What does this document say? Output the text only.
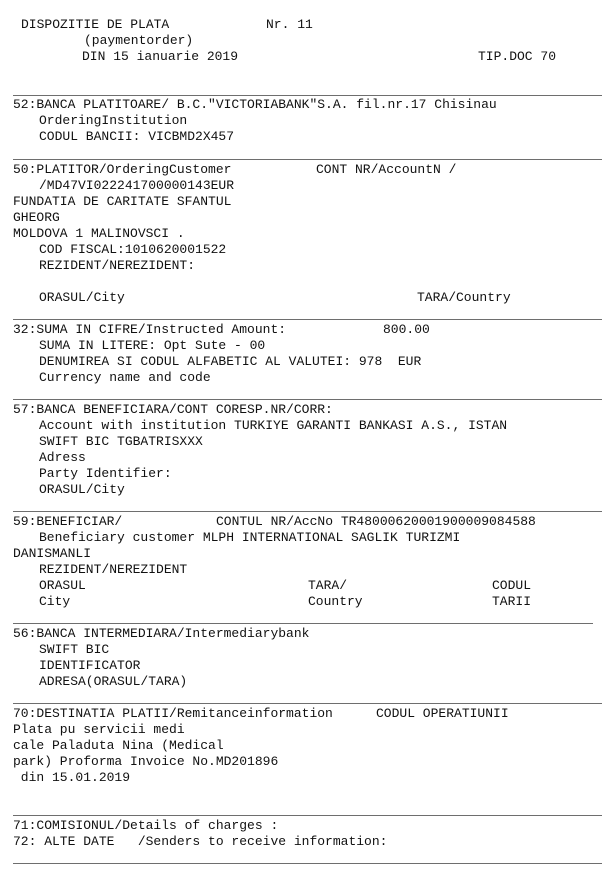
DISPOZITIE DE PLATA	Nr. 11
(paymentorder)
DIN 15 ianuarie 2019	TIP.DOC 70
52:BANCA PLATITOARE/ B.C."VICTORIABANK"S.A. fil.nr.17 Chisinau
OrderingInstitution
CODUL BANCII: VICBMD2X457
50:PLATITOR/OrderingCustomer	CONT NR/AccountN /
/MD47VI022241700000143EUR
FUNDATIA DE CARITATE SFANTUL
GHEORG
MOLDOVA 1 MALINOVSCI .
COD FISCAL:1010620001522
REZIDENT/NEREZIDENT:
ORASUL/City	TARA/Country
32:SUMA IN CIFRE/Instructed Amount:	800.00
SUMA IN LITERE: Opt Sute - 00
DENUMIREA SI CODUL ALFABETIC AL VALUTEI: 978  EUR
Currency name and code
57:BANCA BENEFICIARA/CONT CORESP.NR/CORR:
Account with institution TURKIYE GARANTI BANKASI A.S., ISTAN
SWIFT BIC TGBATRISXXX
Adress
Party Identifier:
ORASUL/City
59:BENEFICIAR/	CONTUL NR/AccNo TR48000620001900009084588
Beneficiary customer MLPH INTERNATIONAL SAGLIK TURIZMI
DANISMANLI
REZIDENT/NEREZIDENT
ORASUL	TARA/	CODUL
City	Country	TARII
56:BANCA INTERMEDIARA/Intermediarybank
SWIFT BIC
IDENTIFICATOR
ADRESA(ORASUL/TARA)
70:DESTINATIA PLATII/Remitanceinformation	CODUL OPERATIUNII
Plata pu servicii medi
cale Paladuta Nina (Medical
park) Proforma Invoice No.MD201896
din 15.01.2019
71:COMISIONUL/Details of charges :
72: ALTE DATE   /Senders to receive information:
